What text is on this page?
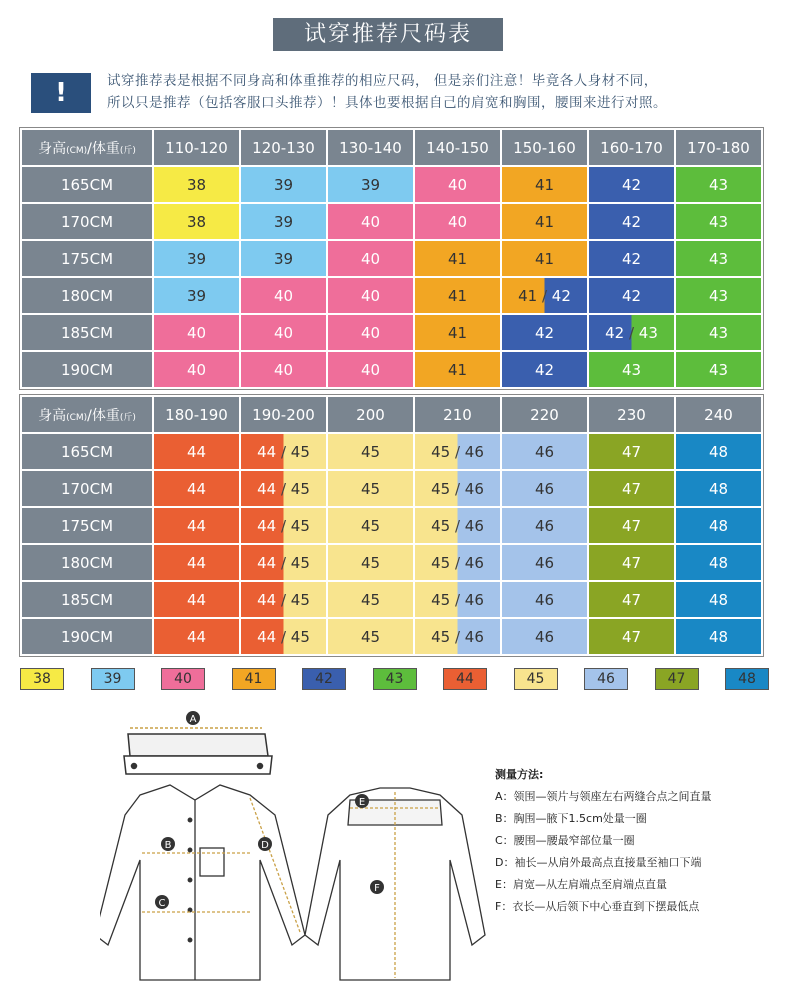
试穿推荐尺码表
!	试穿推荐表是根据不同身高和体重推荐的相应尺码， 但是亲们注意！毕竟各人身材不同，
所以只是推荐（包括客服口头推荐）！具体也要根据自己的肩宽和胸围，腰围来进行对照。
身高(CM)/体重(斤)	110-120	120-130	130-140	140-150	150-160	160-170	170-180
165CM	38	39	39	40	41	42	43
170CM	38	39	40	40	41	42	43
175CM	39	39	40	41	41	42	43
180CM	39	40	40	41	41 / 42	42	43
185CM	40	40	40	41	42	42 / 43	43
190CM	40	40	40	41	42	43	43
身高(CM)/体重(斤)	180-190	190-200	200	210	220	230	240
165CM	44	44 / 45	45	45 / 46	46	47	48
170CM	44	44 / 45	45	45 / 46	46	47	48
175CM	44	44 / 45	45	45 / 46	46	47	48
180CM	44	44 / 45	45	45 / 46	46	47	48
185CM	44	44 / 45	45	45 / 46	46	47	48
190CM	44	44 / 45	45	45 / 46	46	47	48
38	39	40	41	42	43	44	45	46	47	48
A
B
C
D
E
F
测量方法:
A：领围—领片与领座左右两缝合点之间直量
B：胸围—腋下1.5cm处量一圈
C：腰围—腰最窄部位量一圈
D：袖长—从肩外最高点直接量至袖口下端
E：肩宽—从左肩端点至肩端点直量
F：衣长—从后领下中心垂直到下摆最低点
